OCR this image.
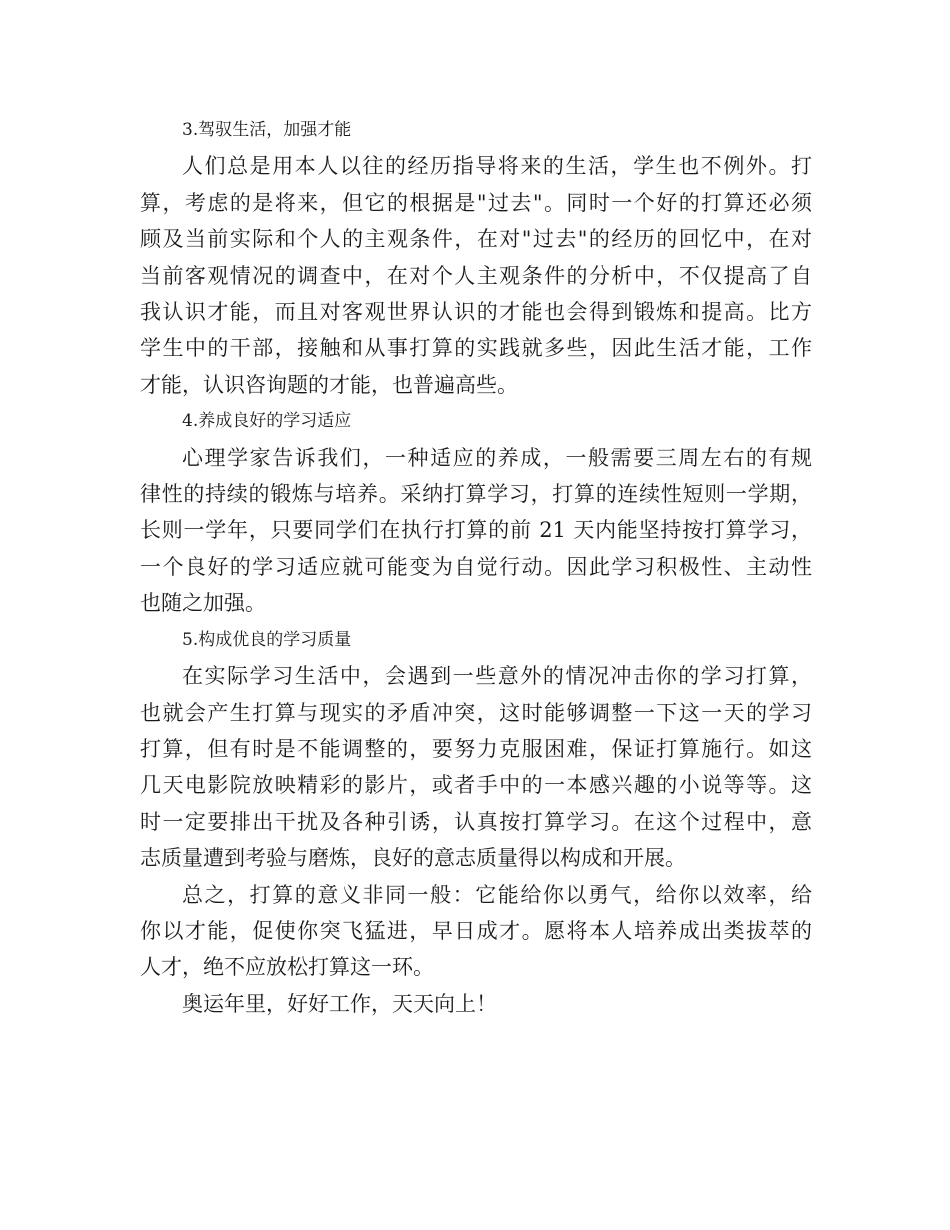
3.驾驭生活，加强才能

人们总是用本人以往的经历指导将来的生活，学生也不例外。打
算，考虑的是将来，但它的根据是"过去"。同时一个好的打算还必须
顾及当前实际和个人的主观条件，在对"过去"的经历的回忆中，在对
当前客观情况的调查中，在对个人主观条件的分析中，不仅提高了自
我认识才能，而且对客观世界认识的才能也会得到锻炼和提高。比方
学生中的干部，接触和从事打算的实践就多些，因此生活才能，工作
才能，认识咨询题的才能，也普遍高些。

4.养成良好的学习适应

心理学家告诉我们，一种适应的养成，一般需要三周左右的有规
律性的持续的锻炼与培养。采纳打算学习，打算的连续性短则一学期，
长则一学年，只要同学们在执行打算的前 21 天内能坚持按打算学习，
一个良好的学习适应就可能变为自觉行动。因此学习积极性、主动性
也随之加强。

5.构成优良的学习质量

在实际学习生活中，会遇到一些意外的情况冲击你的学习打算，
也就会产生打算与现实的矛盾冲突，这时能够调整一下这一天的学习
打算，但有时是不能调整的，要努力克服困难，保证打算施行。如这
几天电影院放映精彩的影片，或者手中的一本感兴趣的小说等等。这
时一定要排出干扰及各种引诱，认真按打算学习。在这个过程中，意
志质量遭到考验与磨炼，良好的意志质量得以构成和开展。

总之，打算的意义非同一般：它能给你以勇气，给你以效率，给
你以才能，促使你突飞猛进，早日成才。愿将本人培养成出类拔萃的
人才，绝不应放松打算这一环。

奥运年里，好好工作，天天向上！
